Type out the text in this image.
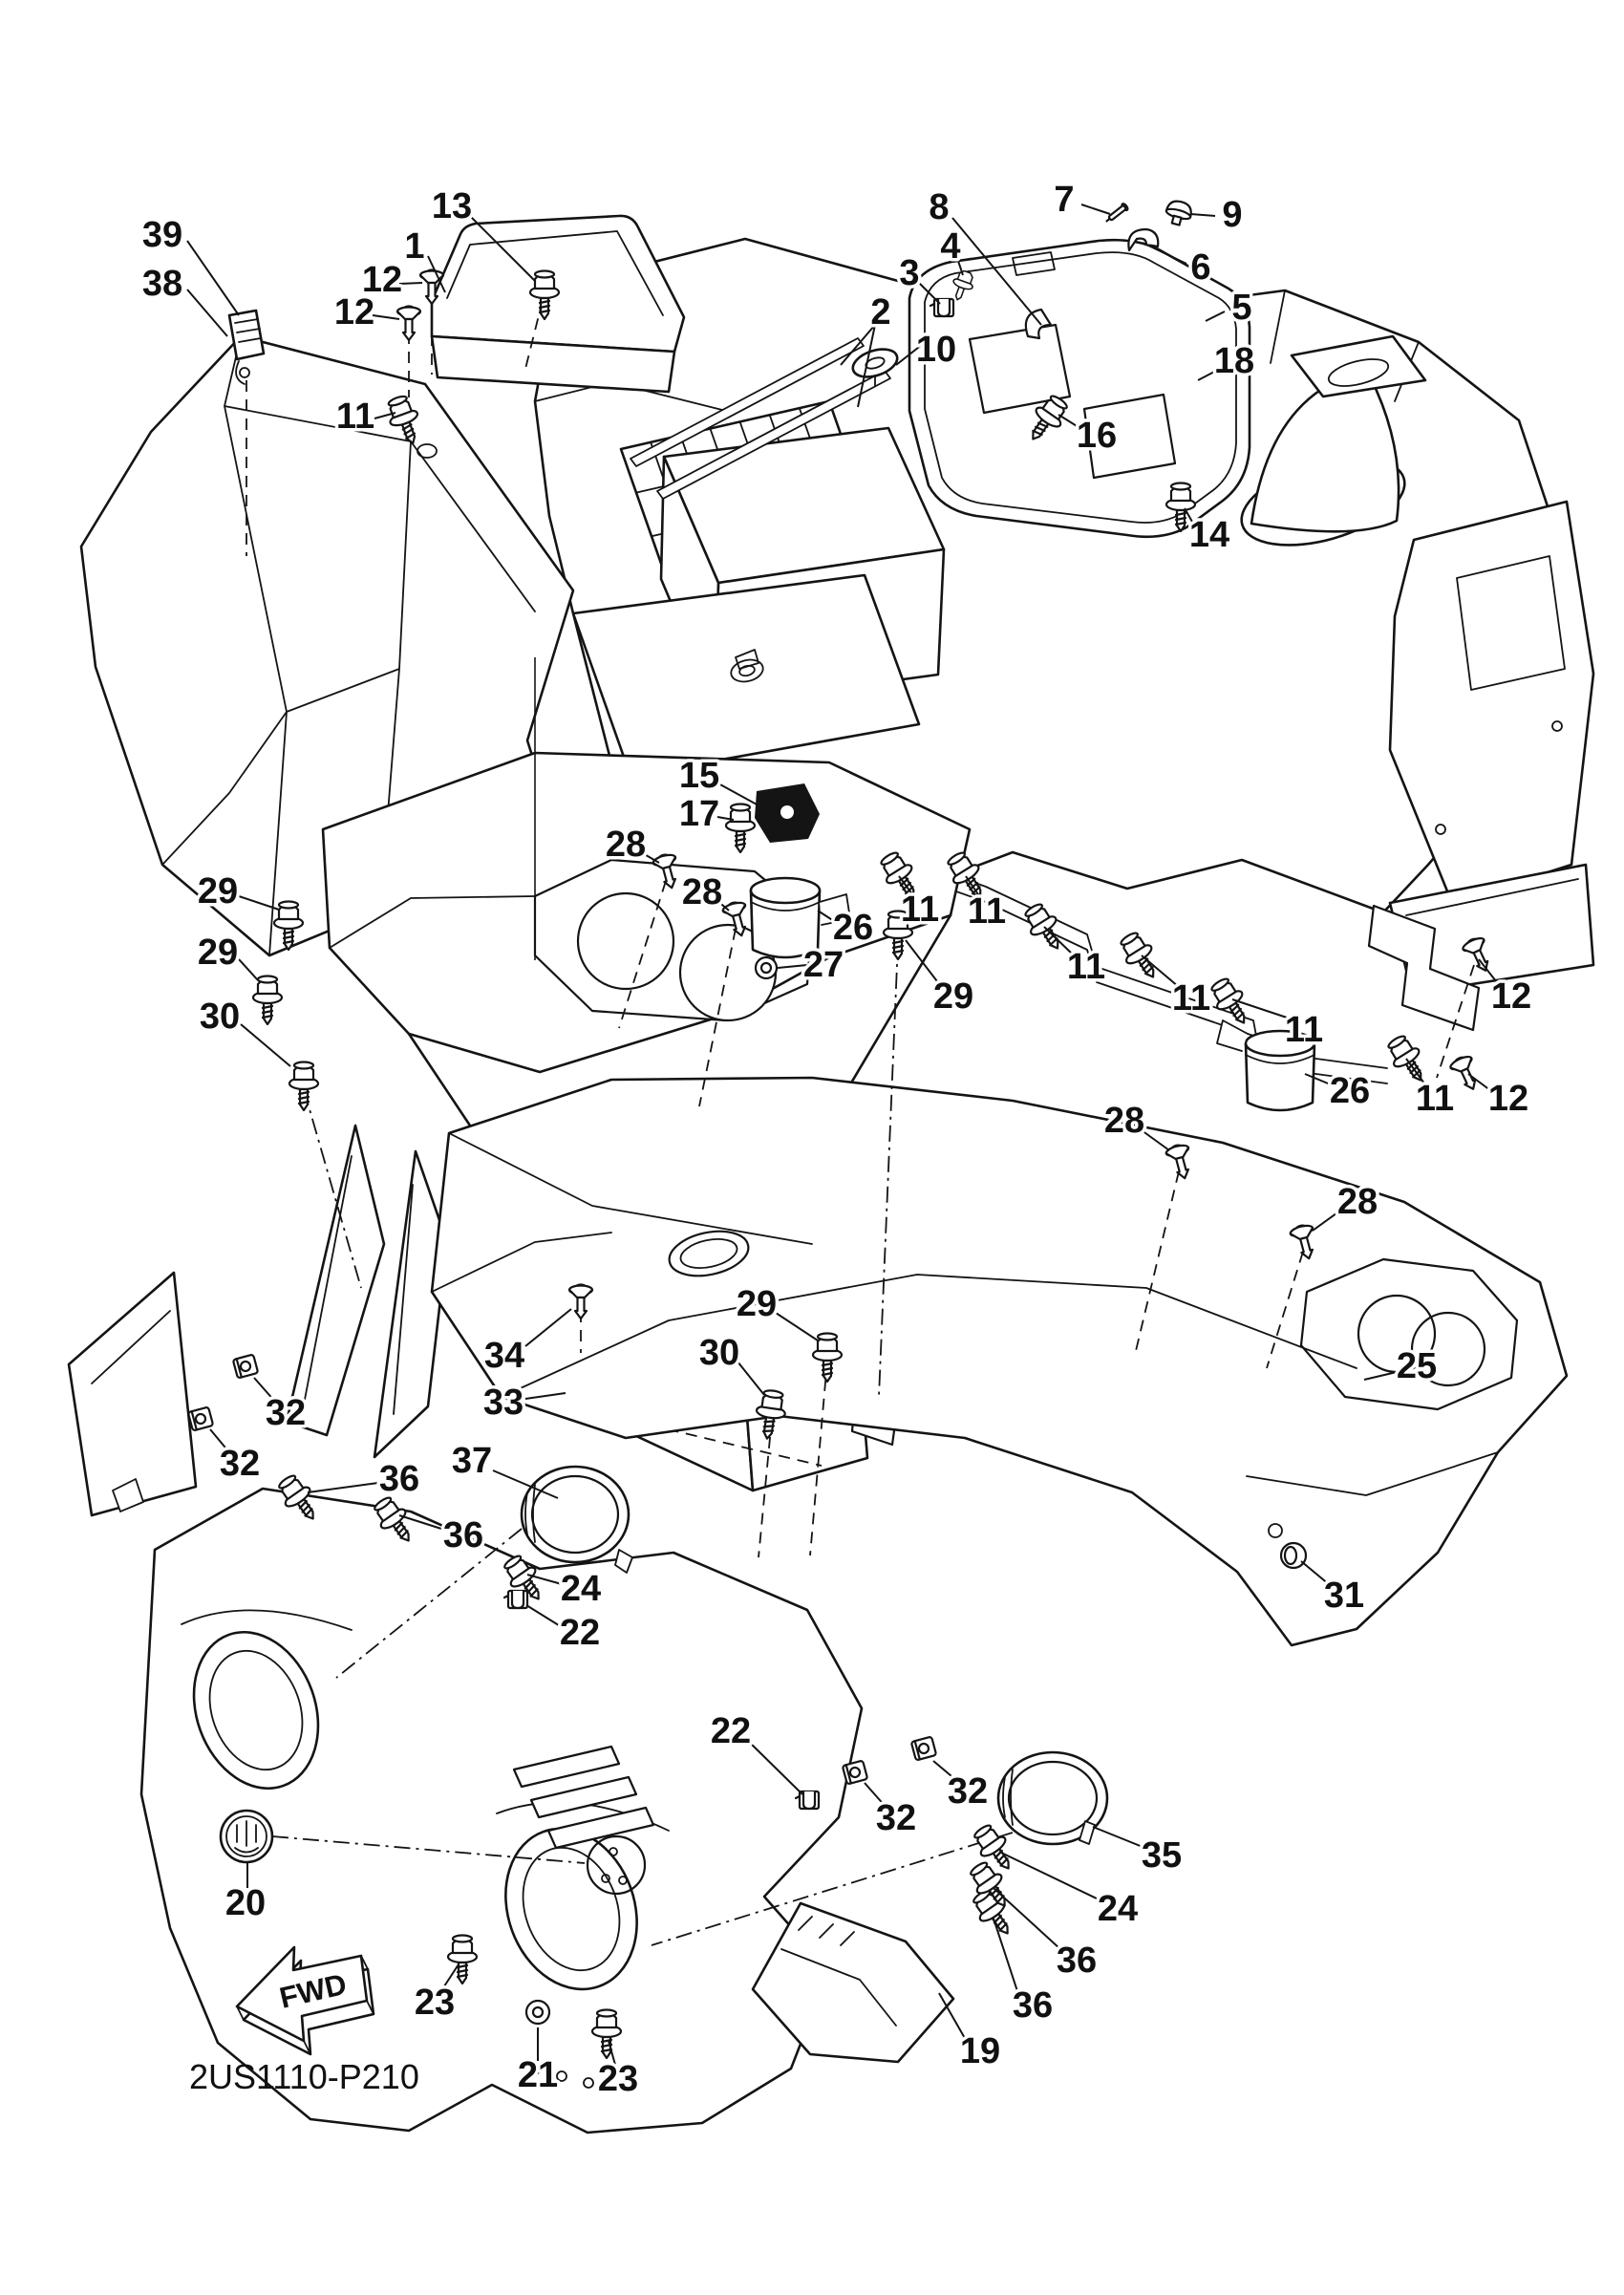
39
38
13
1
12
12
11
8	7	9
4
3	6
2	5
10
16
18
14
15
17
28
28
26
27
11 11
11
11
11
11
12
12
29
29
29
30
26
28
28
25
31
34
33
29
30
32
32	36
36
37
24
22
20
22
23
21 23
19
36
36
24
35
32
32
FWD
2US1110-P210
